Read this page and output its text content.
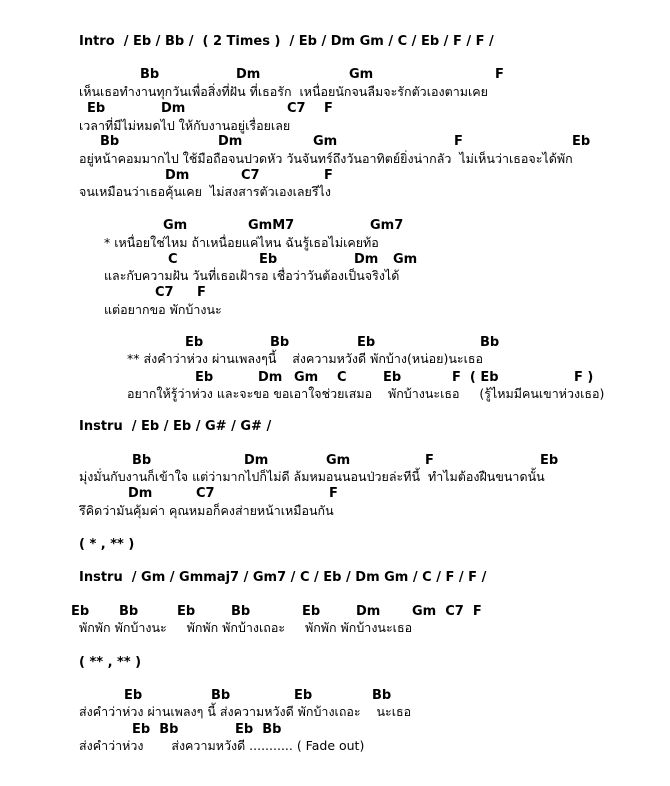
Intro  / Eb / Bb /  ( 2 Times )  / Eb / Dm Gm / C / Eb / F / F /
Bb	Dm	Gm	F
เห็นเธอทำงานทุกวันเพื่อสิ่งที่ฝัน ที่เธอรัก  เหนื่อยนักจนลืมจะรักตัวเองตามเคย
Eb	Dm	C7 F
เวลาที่มีไม่หมดไป ให้กับงานอยู่เรื่อยเลย
Bb	Dm	Gm	F	Eb
อยู่หน้าคอมมากไป ใช้มือถือจนปวดหัว วันจันทร์ถึงวันอาทิตย์ยิ่งน่ากลัว  ไม่เห็นว่าเธอจะได้พัก
Dm	C7	F
จนเหมือนว่าเธอคุ้นเคย  ไม่สงสารตัวเองเลยรึไง
Gm	GmM7	Gm7
* เหนื่อยใช่ไหม ถ้าเหนื่อยแค่ไหน ฉันรู้เธอไม่เคยท้อ
C	Eb	Dm Gm
และกับความฝัน วันที่เธอเฝ้ารอ เชื่อว่าวันต้องเป็นจริงได้
C7 F
แต่อยากขอ พักบ้างนะ
Eb	Bb	Eb	Bb
** ส่งคำว่าห่วง ผ่านเพลงๆนี้    ส่งความหวังดี พักบ้าง(หน่อย)นะเธอ
Eb	Dm Gm C	Eb	F  ( Eb	F )
อยากให้รู้ว่าห่วง และจะขอ ขอเอาใจช่วยเสมอ    พักบ้างนะเธอ     (รู้ไหมมีคนเขาห่วงเธอ)
Instru  / Eb / Eb / G# / G# /
Bb	Dm	Gm	F	Eb
มุ่งมั่นกับงานก็เข้าใจ แต่ว่ามากไปก็ไม่ดี ล้มหมอนนอนป่วยล่ะทีนี้  ทำไมต้องฝืนขนาดนั้น
Dm	C7	F
รึคิดว่ามันคุ้มค่า คุณหมอก็คงส่ายหน้าเหมือนกัน
( * , ** )
Instru  / Gm / Gmmaj7 / Gm7 / C / Eb / Dm Gm / C / F / F /
Eb Bb	Eb	Bb	Eb	Dm Gm  C7  F
พักพัก พักบ้างนะ     พักพัก พักบ้างเถอะ     พักพัก พักบ้างนะเธอ
( ** , ** )
Eb	Bb	Eb	Bb
ส่งคำว่าห่วง ผ่านเพลงๆ นี้ ส่งความหวังดี พักบ้างเถอะ    นะเธอ
Eb  Bb	Eb  Bb
ส่งคำว่าห่วง       ส่งความหวังดี ........... ( Fade out)
